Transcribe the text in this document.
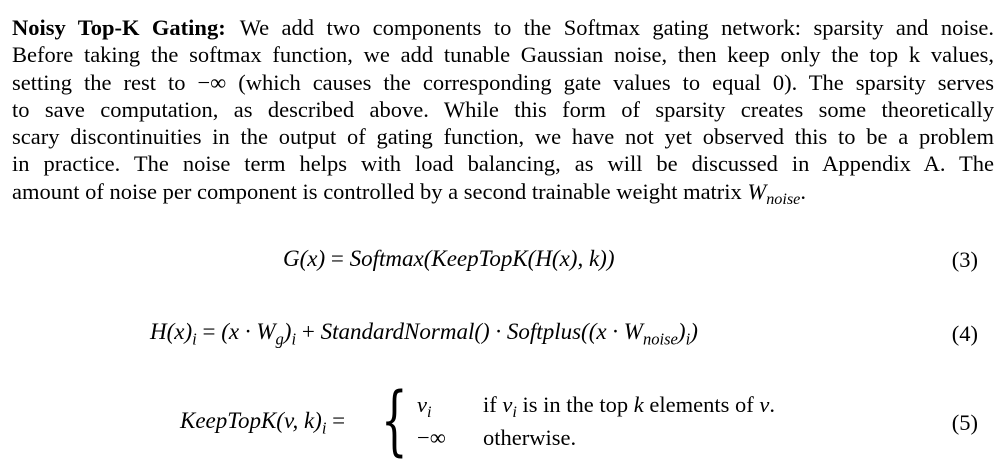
Noisy Top-K Gating: We add two components to the Softmax gating network: sparsity and noise.
Before taking the softmax function, we add tunable Gaussian noise, then keep only the top k values,
setting the rest to −∞ (which causes the corresponding gate values to equal 0). The sparsity serves
to save computation, as described above. While this form of sparsity creates some theoretically
scary discontinuities in the output of gating function, we have not yet observed this to be a problem
in practice. The noise term helps with load balancing, as will be discussed in Appendix A. The
amount of noise per component is controlled by a second trainable weight matrix $W_{noise}$.
G(x) = Softmax(KeepTopK(H(x), k))	(3)
$H(x)_i = (x \cdot W_g)_i$ + StandardNormal() · Softplus((x · $W_{noise})_i$)	(4)
KeepTopK(v, $k)_i$ = { $v_i$ if $v_i$ is in the top k elements of v.
−∞ otherwise.
(5)
